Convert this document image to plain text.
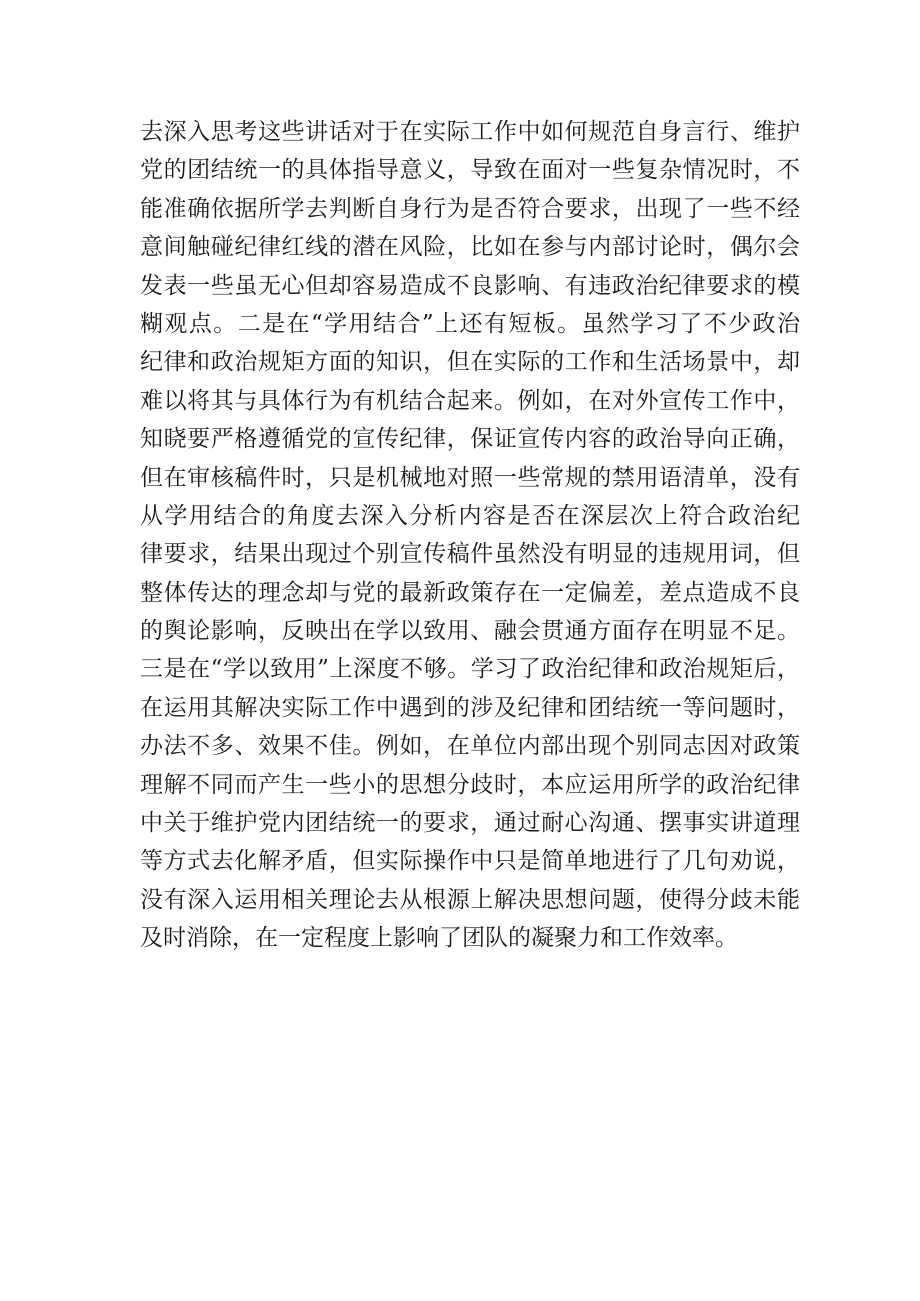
去深入思考这些讲话对于在实际工作中如何规范自身言行、维护
党的团结统一的具体指导意义，导致在面对一些复杂情况时，不
能准确依据所学去判断自身行为是否符合要求，出现了一些不经
意间触碰纪律红线的潜在风险，比如在参与内部讨论时，偶尔会
发表一些虽无心但却容易造成不良影响、有违政治纪律要求的模
糊观点。二是在“学用结合”上还有短板。虽然学习了不少政治
纪律和政治规矩方面的知识，但在实际的工作和生活场景中，却
难以将其与具体行为有机结合起来。例如，在对外宣传工作中，
知晓要严格遵循党的宣传纪律，保证宣传内容的政治导向正确，
但在审核稿件时，只是机械地对照一些常规的禁用语清单，没有
从学用结合的角度去深入分析内容是否在深层次上符合政治纪
律要求，结果出现过个别宣传稿件虽然没有明显的违规用词，但
整体传达的理念却与党的最新政策存在一定偏差，差点造成不良
的舆论影响，反映出在学以致用、融会贯通方面存在明显不足。
三是在“学以致用”上深度不够。学习了政治纪律和政治规矩后，
在运用其解决实际工作中遇到的涉及纪律和团结统一等问题时，
办法不多、效果不佳。例如，在单位内部出现个别同志因对政策
理解不同而产生一些小的思想分歧时，本应运用所学的政治纪律
中关于维护党内团结统一的要求，通过耐心沟通、摆事实讲道理
等方式去化解矛盾，但实际操作中只是简单地进行了几句劝说，
没有深入运用相关理论去从根源上解决思想问题，使得分歧未能
及时消除，在一定程度上影响了团队的凝聚力和工作效率。
